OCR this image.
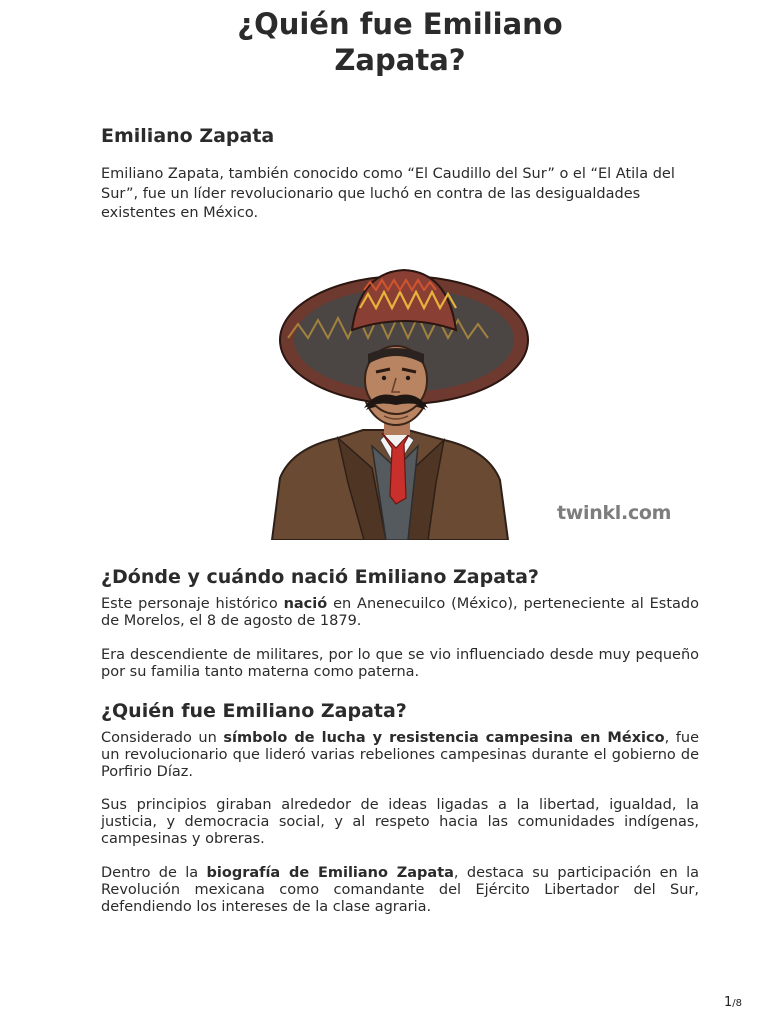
¿Quién fue Emiliano
Zapata?
Emiliano Zapata

Emiliano Zapata, también conocido como “El Caudillo del Sur” o el “El Atila del Sur”, fue un líder revolucionario que luchó en contra de las desigualdades existentes en México.

twinkl.com
¿Dónde y cuándo nació Emiliano Zapata?

Este personaje histórico nació en Anenecuilco (México), perteneciente al Estado de Morelos, el 8 de agosto de 1879.

Era descendiente de militares, por lo que se vio influenciado desde muy pequeño por su familia tanto materna como paterna.

¿Quién fue Emiliano Zapata?

Considerado un símbolo de lucha y resistencia campesina en México, fue un revolucionario que lideró varias rebeliones campesinas durante el gobierno de Porfirio Díaz.

Sus principios giraban alrededor de ideas ligadas a la libertad, igualdad, la justicia, y democracia social, y al respeto hacia las comunidades indígenas, campesinas y obreras.

Dentro de la biografía de Emiliano Zapata, destaca su participación en la Revolución mexicana como comandante del Ejército Libertador del Sur, defendiendo los intereses de la clase agraria.

1/8
